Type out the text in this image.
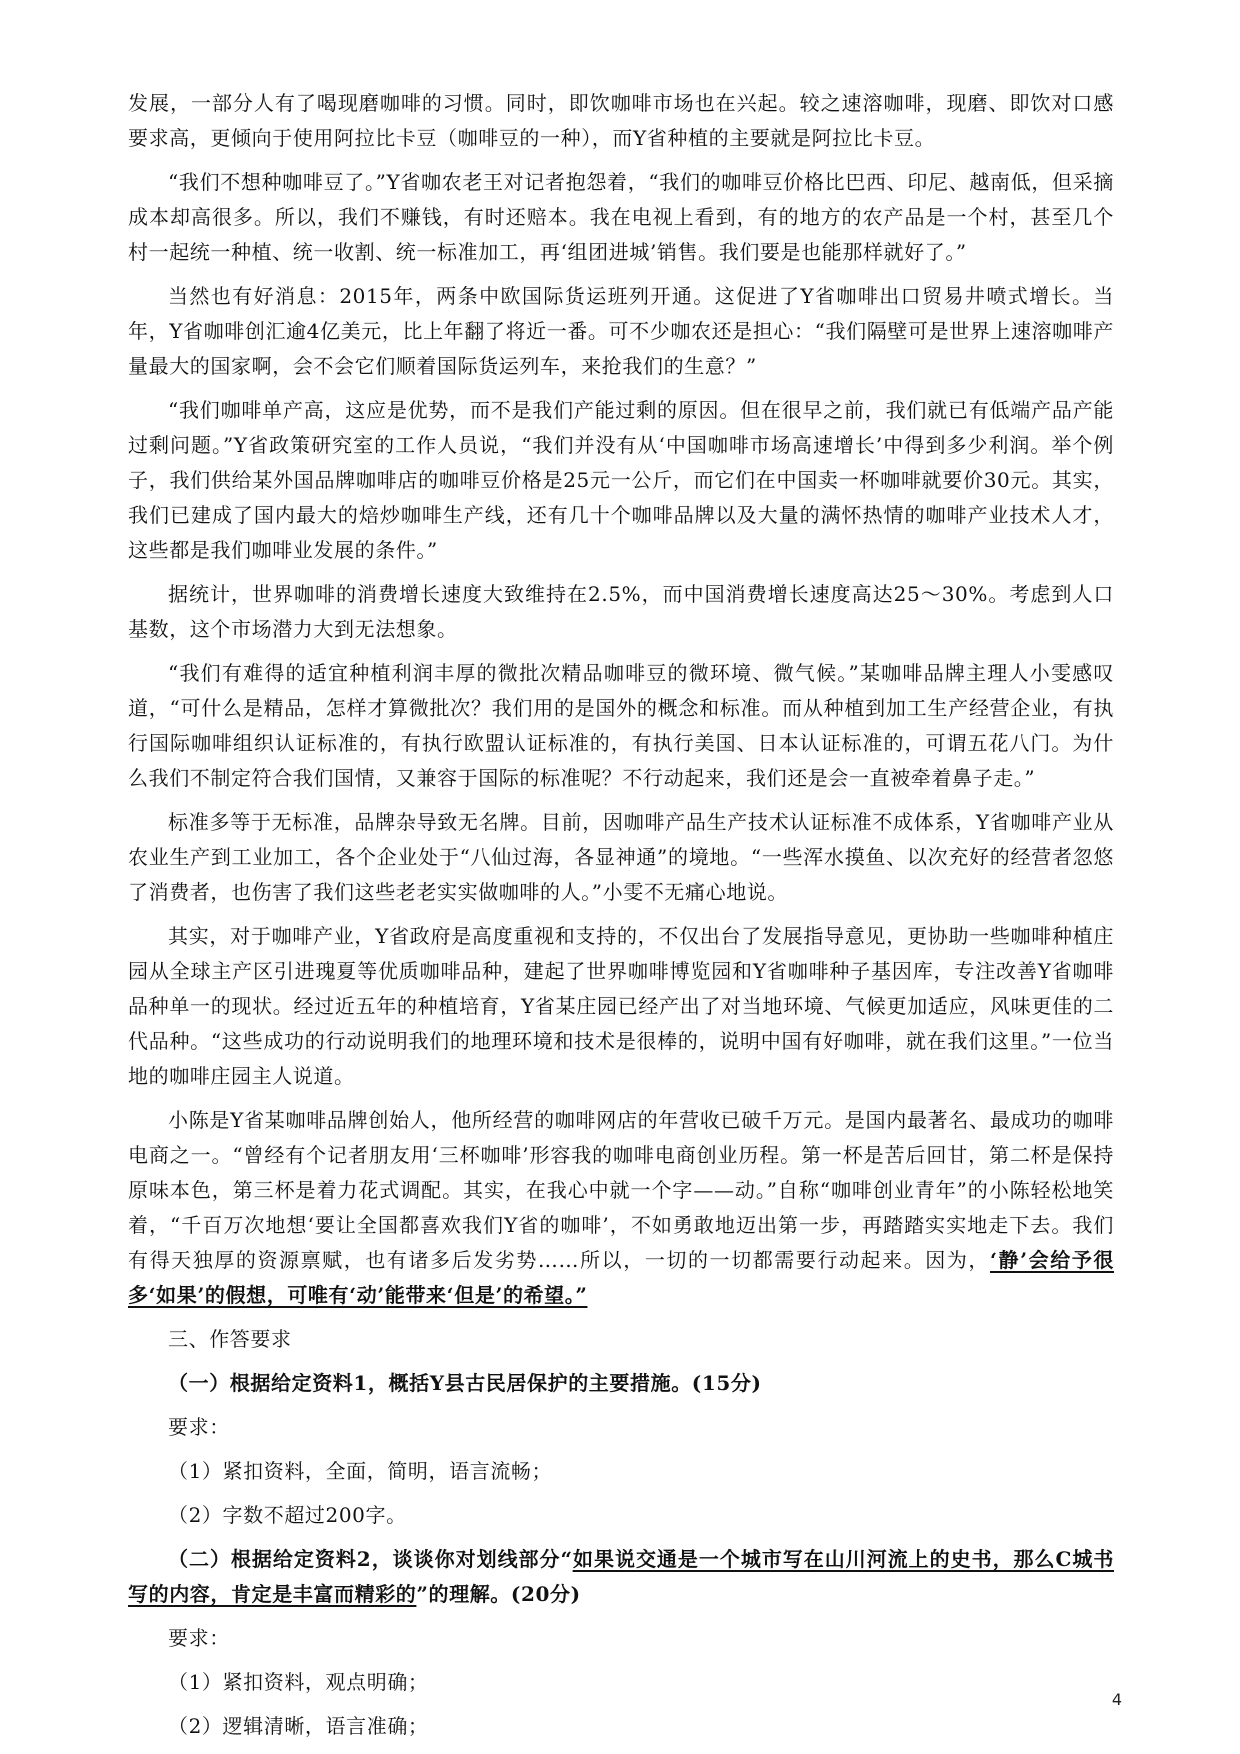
发展，一部分人有了喝现磨咖啡的习惯。同时，即饮咖啡市场也在兴起。较之速溶咖啡，现磨、即饮对口感要求高，更倾向于使用阿拉比卡豆（咖啡豆的一种），而Y省种植的主要就是阿拉比卡豆。

“我们不想种咖啡豆了。”Y省咖农老王对记者抱怨着，“我们的咖啡豆价格比巴西、印尼、越南低，但采摘成本却高很多。所以，我们不赚钱，有时还赔本。我在电视上看到，有的地方的农产品是一个村，甚至几个村一起统一种植、统一收割、统一标准加工，再‘组团进城’销售。我们要是也能那样就好了。”

当然也有好消息：2015年，两条中欧国际货运班列开通。这促进了Y省咖啡出口贸易井喷式增长。当年，Y省咖啡创汇逾4亿美元，比上年翻了将近一番。可不少咖农还是担心：“我们隔壁可是世界上速溶咖啡产量最大的国家啊，会不会它们顺着国际货运列车，来抢我们的生意？”

“我们咖啡单产高，这应是优势，而不是我们产能过剩的原因。但在很早之前，我们就已有低端产品产能过剩问题。”Y省政策研究室的工作人员说，“我们并没有从‘中国咖啡市场高速增长’中得到多少利润。举个例子，我们供给某外国品牌咖啡店的咖啡豆价格是25元一公斤，而它们在中国卖一杯咖啡就要价30元。其实，我们已建成了国内最大的焙炒咖啡生产线，还有几十个咖啡品牌以及大量的满怀热情的咖啡产业技术人才，这些都是我们咖啡业发展的条件。”

据统计，世界咖啡的消费增长速度大致维持在2.5%，而中国消费增长速度高达25～30%。考虑到人口基数，这个市场潜力大到无法想象。

“我们有难得的适宜种植利润丰厚的微批次精品咖啡豆的微环境、微气候。”某咖啡品牌主理人小雯感叹道，“可什么是精品，怎样才算微批次？我们用的是国外的概念和标准。而从种植到加工生产经营企业，有执行国际咖啡组织认证标准的，有执行欧盟认证标准的，有执行美国、日本认证标准的，可谓五花八门。为什么我们不制定符合我们国情，又兼容于国际的标准呢？不行动起来，我们还是会一直被牵着鼻子走。”

标准多等于无标准，品牌杂导致无名牌。目前，因咖啡产品生产技术认证标准不成体系，Y省咖啡产业从农业生产到工业加工，各个企业处于“八仙过海，各显神通”的境地。“一些浑水摸鱼、以次充好的经营者忽悠了消费者，也伤害了我们这些老老实实做咖啡的人。”小雯不无痛心地说。

其实，对于咖啡产业，Y省政府是高度重视和支持的，不仅出台了发展指导意见，更协助一些咖啡种植庄园从全球主产区引进瑰夏等优质咖啡品种，建起了世界咖啡博览园和Y省咖啡种子基因库，专注改善Y省咖啡品种单一的现状。经过近五年的种植培育，Y省某庄园已经产出了对当地环境、气候更加适应，风味更佳的二代品种。“这些成功的行动说明我们的地理环境和技术是很棒的，说明中国有好咖啡，就在我们这里。”一位当地的咖啡庄园主人说道。

小陈是Y省某咖啡品牌创始人，他所经营的咖啡网店的年营收已破千万元。是国内最著名、最成功的咖啡电商之一。“曾经有个记者朋友用‘三杯咖啡’形容我的咖啡电商创业历程。第一杯是苦后回甘，第二杯是保持原味本色，第三杯是着力花式调配。其实，在我心中就一个字——动。”自称“咖啡创业青年”的小陈轻松地笑着，“千百万次地想‘要让全国都喜欢我们Y省的咖啡’，不如勇敢地迈出第一步，再踏踏实实地走下去。我们有得天独厚的资源禀赋，也有诸多后发劣势……所以，一切的一切都需要行动起来。因为，‘静’会给予很多‘如果’的假想，可唯有‘动’能带来‘但是’的希望。”

三、作答要求

（一）根据给定资料1，概括Y县古民居保护的主要措施。(15分)

要求：

（1）紧扣资料，全面，简明，语言流畅；

（2）字数不超过200字。

（二）根据给定资料2，谈谈你对划线部分“如果说交通是一个城市写在山川河流上的史书，那么C城书写的内容，肯定是丰富而精彩的”的理解。(20分)

要求：

（1）紧扣资料，观点明确；

（2）逻辑清晰，语言准确；

4
